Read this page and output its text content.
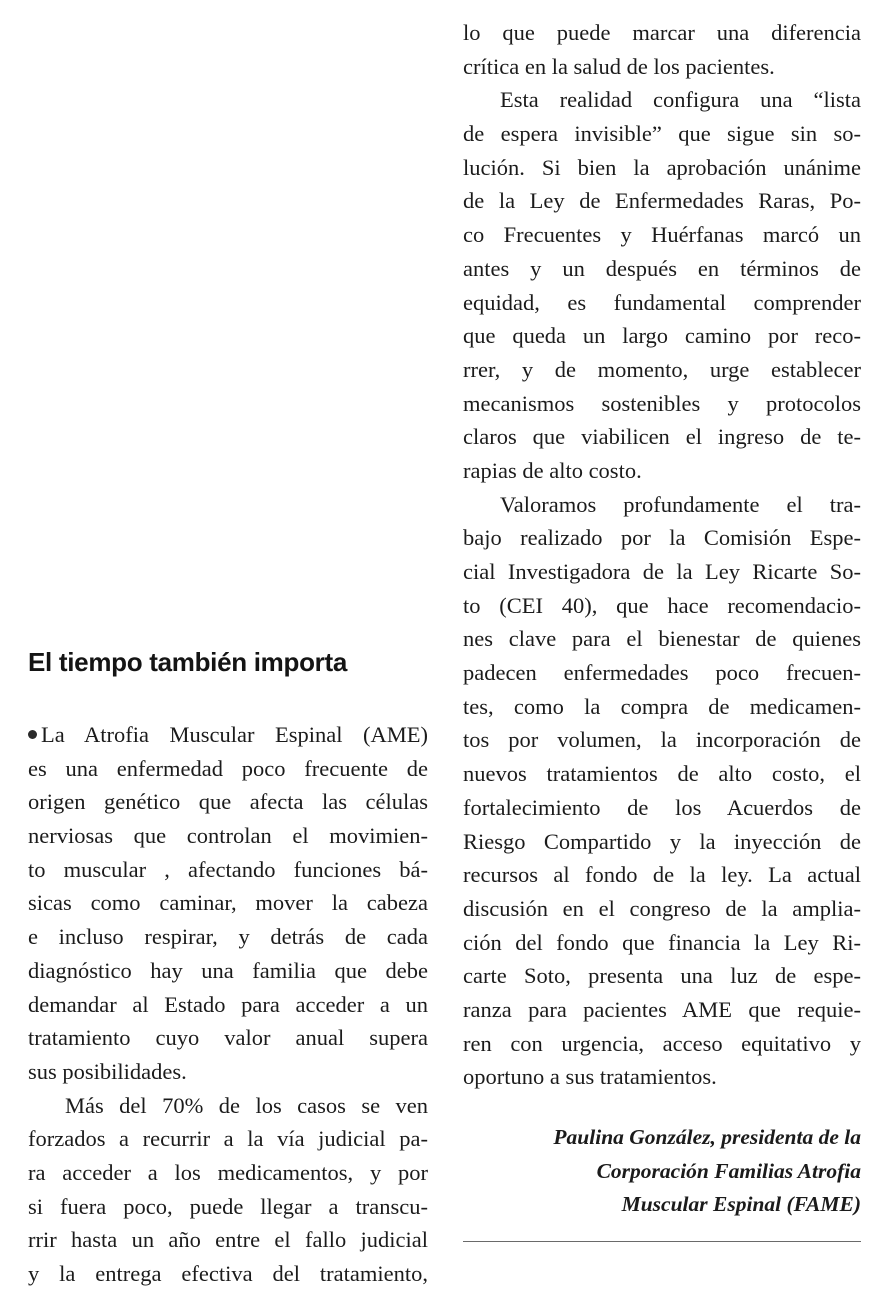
El tiempo también importa
La Atrofia Muscular Espinal (AME)
es una enfermedad poco frecuente de
origen genético que afecta las células
nerviosas que controlan el movimien-
to muscular , afectando funciones bá-
sicas como caminar, mover la cabeza
e incluso respirar, y detrás de cada
diagnóstico hay una familia que debe
demandar al Estado para acceder a un
tratamiento cuyo valor anual supera
sus posibilidades.
Más del 70% de los casos se ven
forzados a recurrir a la vía judicial pa-
ra acceder a los medicamentos, y por
si fuera poco, puede llegar a transcu-
rrir hasta un año entre el fallo judicial
y la entrega efectiva del tratamiento,
lo que puede marcar una diferencia
crítica en la salud de los pacientes.
Esta realidad configura una “lista
de espera invisible” que sigue sin so-
lución. Si bien la aprobación unánime
de la Ley de Enfermedades Raras, Po-
co Frecuentes y Huérfanas marcó un
antes y un después en términos de
equidad, es fundamental comprender
que queda un largo camino por reco-
rrer, y de momento, urge establecer
mecanismos sostenibles y protocolos
claros que viabilicen el ingreso de te-
rapias de alto costo.
Valoramos profundamente el tra-
bajo realizado por la Comisión Espe-
cial Investigadora de la Ley Ricarte So-
to (CEI 40), que hace recomendacio-
nes clave para el bienestar de quienes
padecen enfermedades poco frecuen-
tes, como la compra de medicamen-
tos por volumen, la incorporación de
nuevos tratamientos de alto costo, el
fortalecimiento de los Acuerdos de
Riesgo Compartido y la inyección de
recursos al fondo de la ley. La actual
discusión en el congreso de la amplia-
ción del fondo que financia la Ley Ri-
carte Soto, presenta una luz de espe-
ranza para pacientes AME que requie-
ren con urgencia, acceso equitativo y
oportuno a sus tratamientos.
Paulina González, presidenta de la
Corporación Familias Atrofia
Muscular Espinal (FAME)
